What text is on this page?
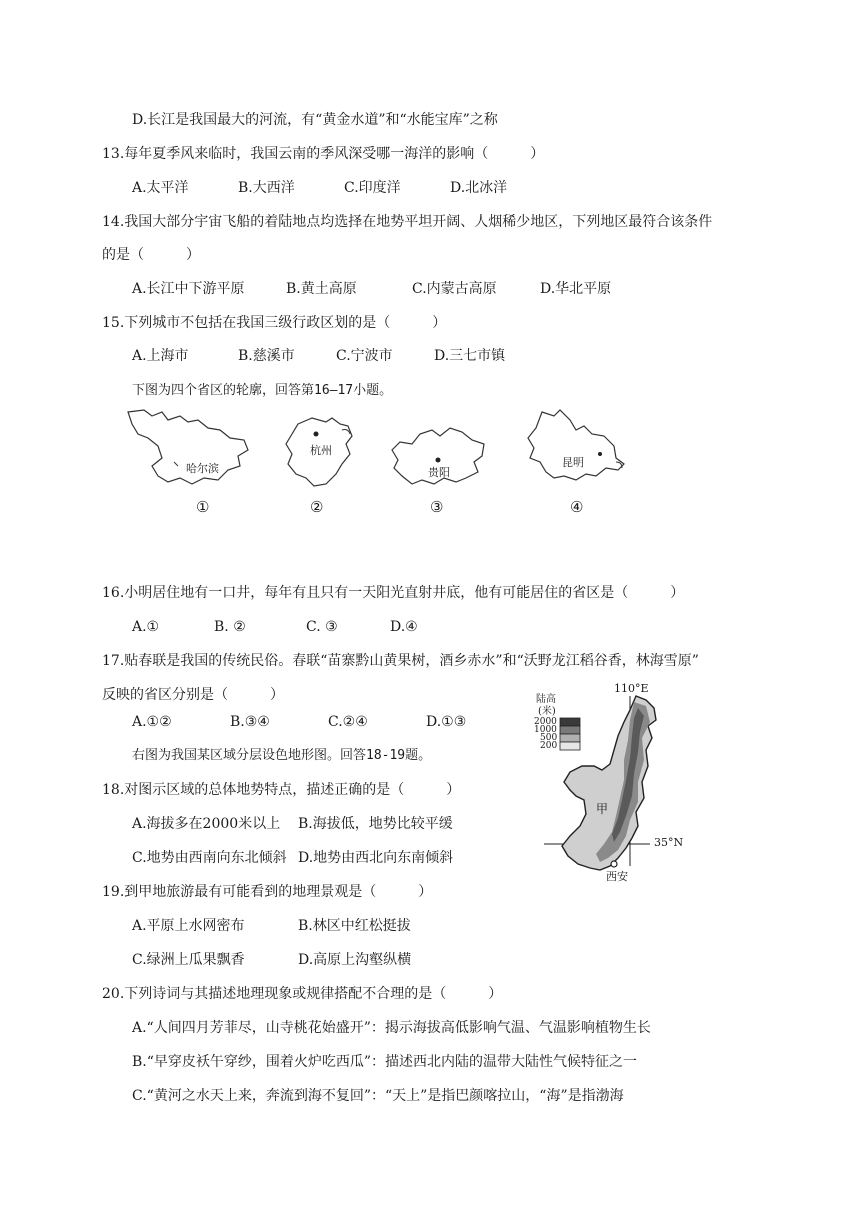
D.长江是我国最大的河流，有“黄金水道”和“水能宝库”之称
13.每年夏季风来临时，我国云南的季风深受哪一海洋的影响（　　　）
A.太平洋	B.大西洋	C.印度洋	D.北冰洋
14.我国大部分宇宙飞船的着陆地点均选择在地势平坦开阔、人烟稀少地区，下列地区最符合该条件
的是（　　　）
A.长江中下游平原	B.黄土高原	C.内蒙古高原	D.华北平原
15.下列城市不包括在我国三级行政区划的是（　　　）
A.上海市	B.慈溪市	C.宁波市	D.三七市镇
下图为四个省区的轮廓，回答第16—17小题。
哈尔滨
杭州
贵阳
昆明
①	②	③	④
16.小明居住地有一口井，每年有且只有一天阳光直射井底，他有可能居住的省区是（　　　）
A.①	B. ②	C. ③	D.④
17.贴春联是我国的传统民俗。春联“苗寨黔山黄果树，酒乡赤水”和“沃野龙江稻谷香，林海雪原”
反映的省区分别是（　　　）
A.①②	B.③④	C.②④	D.①③
右图为我国某区域分层设色地形图。回答18-19题。
18.对图示区域的总体地势特点，描述正确的是（　　　）
A.海拔多在2000米以上 B.海拔低，地势比较平缓
C.地势由西南向东北倾斜 D.地势由西北向东南倾斜
陆高
(米)
2000
1000
500
200
110°E
35°N
甲
西安
19.到甲地旅游最有可能看到的地理景观是（　　　）
A.平原上水网密布	B.林区中红松挺拔
C.绿洲上瓜果飘香	D.高原上沟壑纵横
20.下列诗词与其描述地理现象或规律搭配不合理的是（　　　）
A.“人间四月芳菲尽，山寺桃花始盛开”：揭示海拔高低影响气温、气温影响植物生长
B.“早穿皮袄午穿纱，围着火炉吃西瓜”：描述西北内陆的温带大陆性气候特征之一
C.“黄河之水天上来，奔流到海不复回”：“天上”是指巴颜喀拉山，“海”是指渤海
